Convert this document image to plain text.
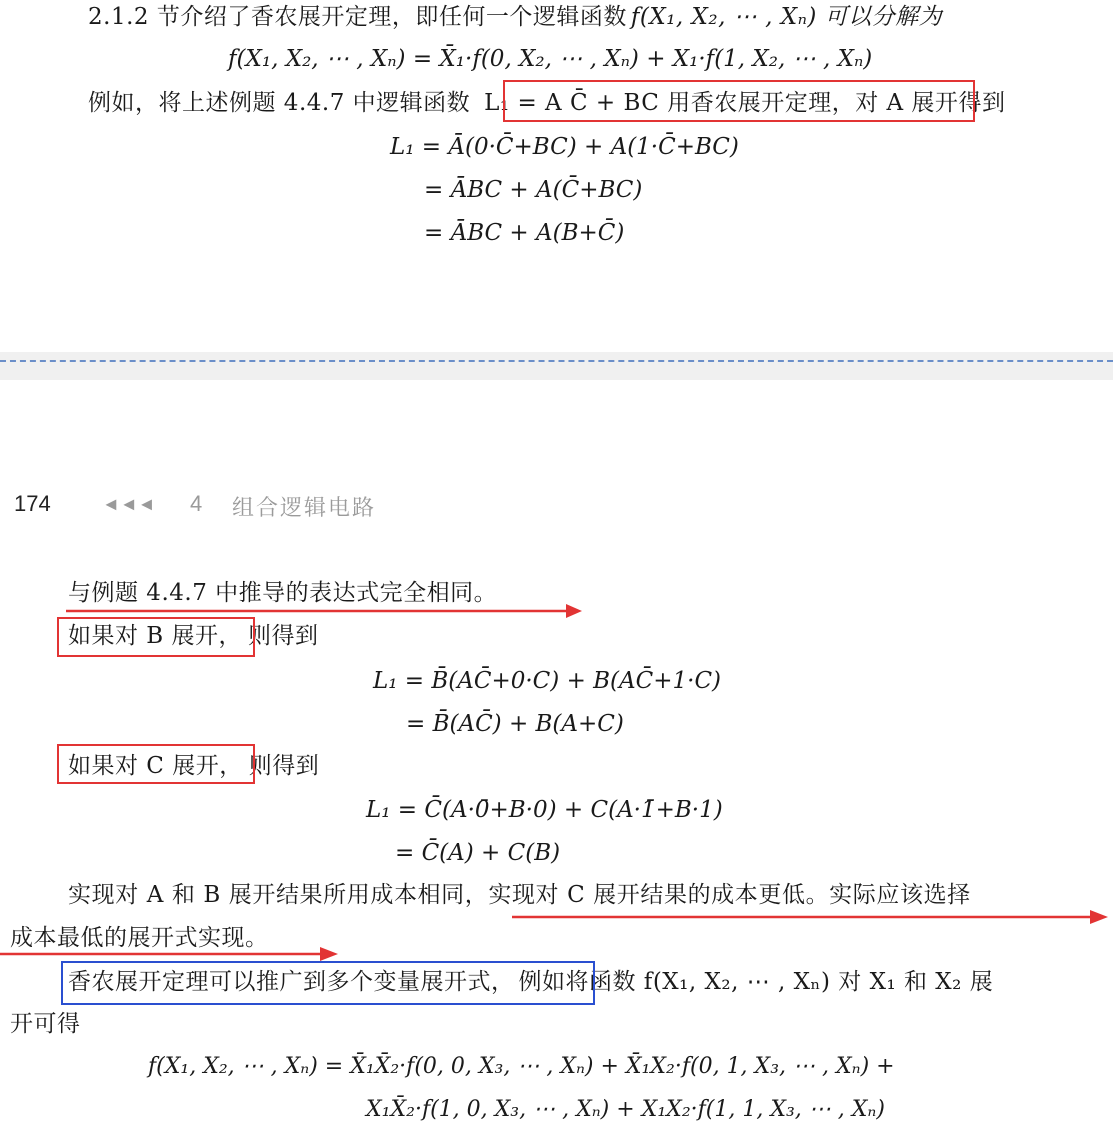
2.1.2 节介绍了香农展开定理，即任何一个逻辑函数 f(X₁, X₂, ⋯ , Xₙ) 可以分解为
f(X₁, X₂, ⋯ , Xₙ) = X̄₁·f(0, X₂, ⋯ , Xₙ) + X₁·f(1, X₂, ⋯ , Xₙ)
例如，将上述例题 4.4.7 中逻辑函数 L₁ = A C̄ + BC 用香农展开定理，对 A 展开得到
L₁ = Ā(0·C̄+BC) + A(1·C̄+BC)
= ĀBC + A(C̄+BC)
= ĀBC + A(B+C̄)
174	◄◄◄ 4 组合逻辑电路
与例题 4.4.7 中推导的表达式完全相同。
如果对 B 展开， 则得到
L₁ = B̄(AC̄+0·C) + B(AC̄+1·C)
= B̄(AC̄) + B(A+C)
如果对 C 展开， 则得到
L₁ = C̄(A·0̄+B·0) + C(A·1̄+B·1)
= C̄(A) + C(B)
实现对 A 和 B 展开结果所用成本相同，实现对 C 展开结果的成本更低。实际应该选择
成本最低的展开式实现。
香农展开定理可以推广到多个变量展开式， 例如将函数 f(X₁, X₂, ⋯ , Xₙ) 对 X₁ 和 X₂ 展
开可得
f(X₁, X₂, ⋯ , Xₙ) = X̄₁X̄₂·f(0, 0, X₃, ⋯ , Xₙ) + X̄₁X₂·f(0, 1, X₃, ⋯ , Xₙ) +
X₁X̄₂·f(1, 0, X₃, ⋯ , Xₙ) + X₁X₂·f(1, 1, X₃, ⋯ , Xₙ)
